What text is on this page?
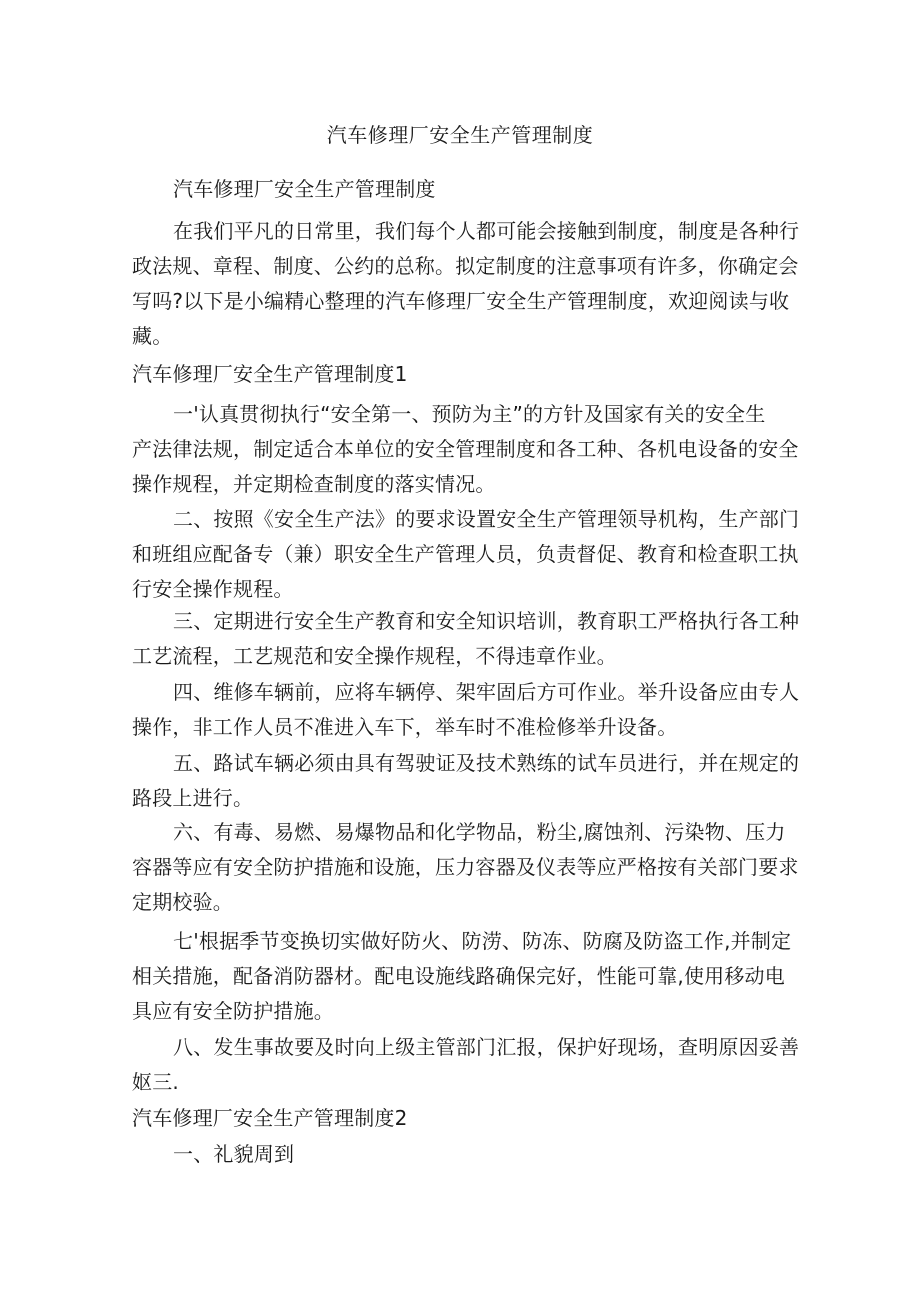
汽车修理厂安全生产管理制度
汽车修理厂安全生产管理制度
在我们平凡的日常里，我们每个人都可能会接触到制度，制度是各种行
政法规、章程、制度、公约的总称。拟定制度的注意事项有许多，你确定会
写吗?以下是小编精心整理的汽车修理厂安全生产管理制度，欢迎阅读与收
藏。
汽车修理厂安全生产管理制度1
一'认真贯彻执行“安全第一、预防为主”的方针及国家有关的安全生
产法律法规，制定适合本单位的安全管理制度和各工种、各机电设备的安全
操作规程，并定期检查制度的落实情况。
二、按照《安全生产法》的要求设置安全生产管理领导机构，生产部门
和班组应配备专（兼）职安全生产管理人员，负责督促、教育和检查职工执
行安全操作规程。
三、定期进行安全生产教育和安全知识培训，教育职工严格执行各工种
工艺流程，工艺规范和安全操作规程，不得违章作业。
四、维修车辆前，应将车辆停、架牢固后方可作业。举升设备应由专人
操作，非工作人员不准进入车下，举车时不准检修举升设备。
五、路试车辆必须由具有驾驶证及技术熟练的试车员进行，并在规定的
路段上进行。
六、有毒、易燃、易爆物品和化学物品，粉尘,腐蚀剂、污染物、压力
容器等应有安全防护措施和设施，压力容器及仪表等应严格按有关部门要求
定期校验。
七'根据季节变换切实做好防火、防涝、防冻、防腐及防盗工作,并制定
相关措施，配备消防器材。配电设施线路确保完好，性能可靠,使用移动电
具应有安全防护措施。
八、发生事故要及时向上级主管部门汇报，保护好现场，查明原因妥善
妪三.
汽车修理厂安全生产管理制度2
一、礼貌周到
